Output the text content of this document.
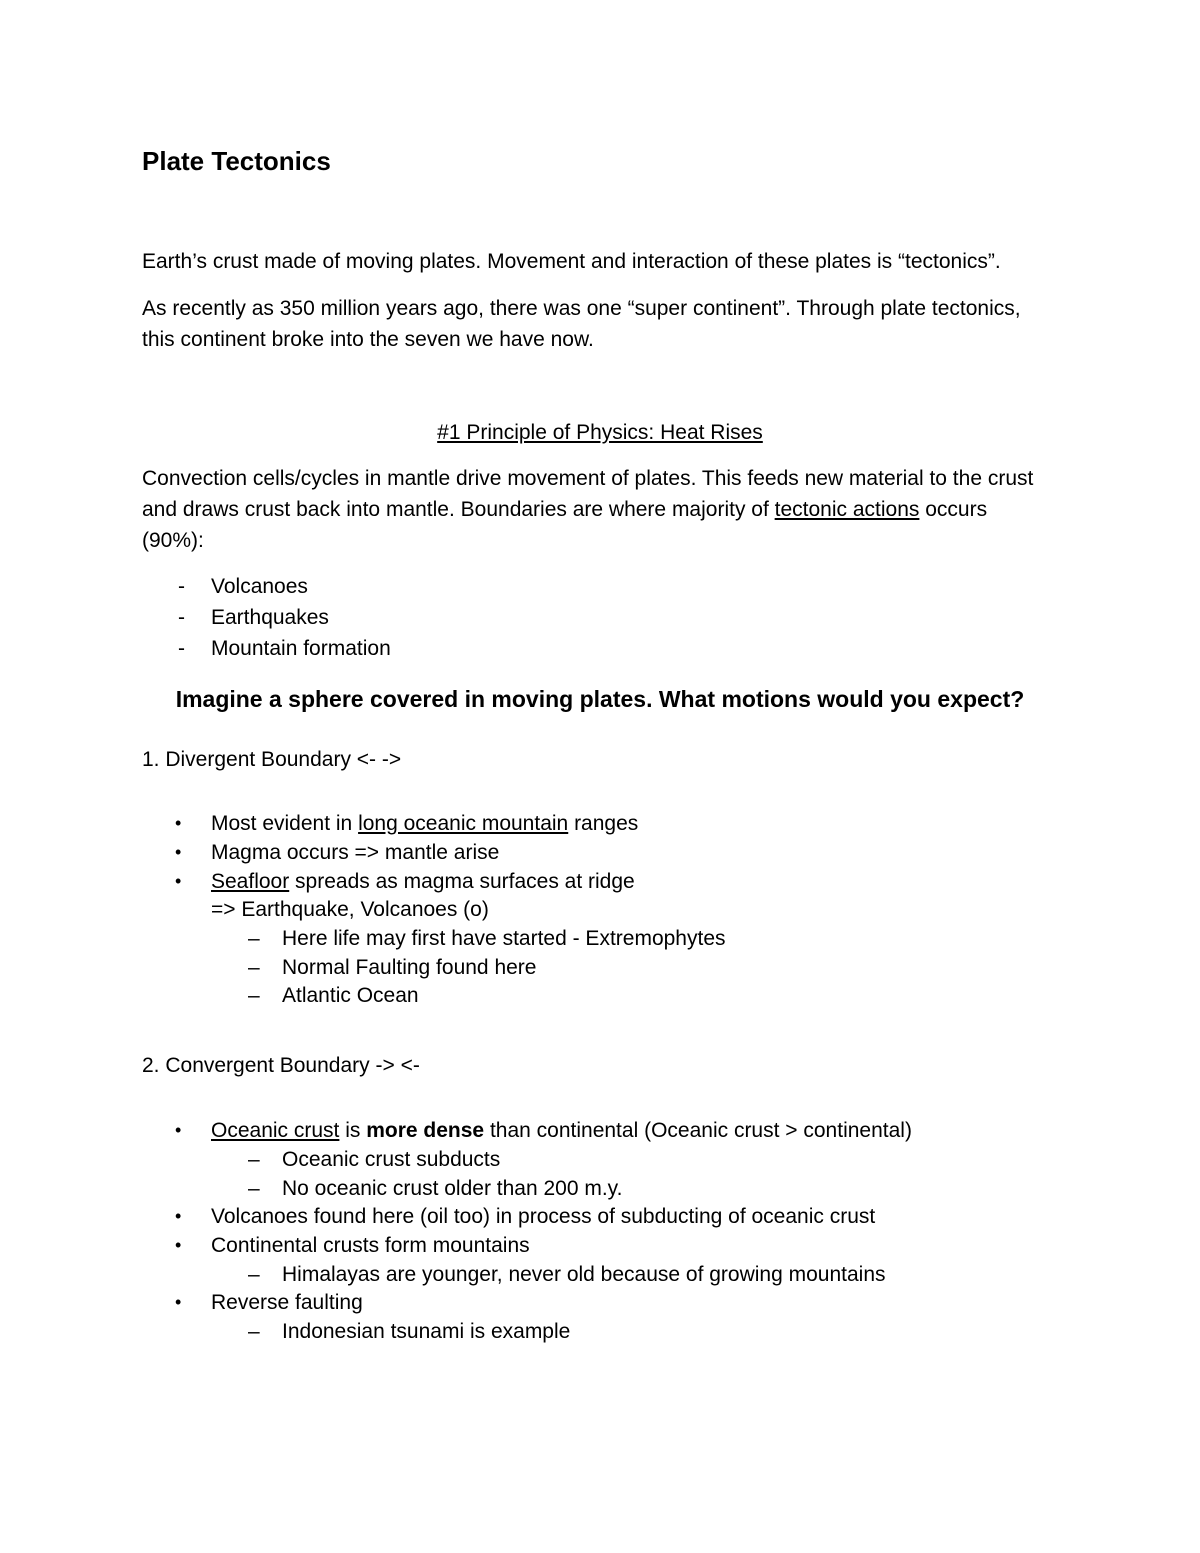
Plate Tectonics
Earth’s crust made of moving plates. Movement and interaction of these plates is “tectonics”.
As recently as 350 million years ago, there was one “super continent”. Through plate tectonics,
this continent broke into the seven we have now.
#1 Principle of Physics: Heat Rises
Convection cells/cycles in mantle drive movement of plates. This feeds new material to the crust
and draws crust back into mantle. Boundaries are where majority of tectonic actions occurs
(90%):
- Volcanoes
- Earthquakes
- Mountain formation
Imagine a sphere covered in moving plates. What motions would you expect?
1. Divergent Boundary <- ->
• Most evident in long oceanic mountain ranges
• Magma occurs => mantle arise
• Seafloor spreads as magma surfaces at ridge
=> Earthquake, Volcanoes (o)
– Here life may first have started - Extremophytes
– Normal Faulting found here
– Atlantic Ocean
2. Convergent Boundary -> <-
• Oceanic crust is more dense than continental (Oceanic crust > continental)
– Oceanic crust subducts
– No oceanic crust older than 200 m.y.
• Volcanoes found here (oil too) in process of subducting of oceanic crust
• Continental crusts form mountains
– Himalayas are younger, never old because of growing mountains
• Reverse faulting
– Indonesian tsunami is example
